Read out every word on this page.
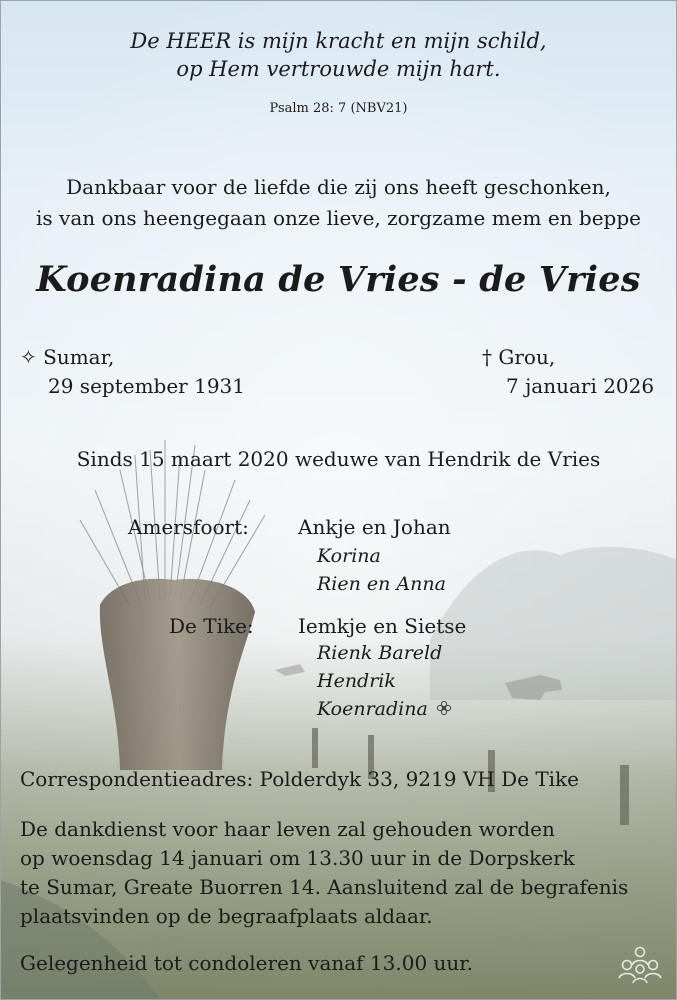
De HEER is mijn kracht en mijn schild,
op Hem vertrouwde mijn hart.
Psalm 28: 7 (NBV21)
Dankbaar voor de liefde die zij ons heeft geschonken,
is van ons heengegaan onze lieve, zorgzame mem en beppe
Koenradina de Vries - de Vries
✧ Sumar,
29 september 1931
† Grou,
7 januari 2026
Sinds 15 maart 2020 weduwe van Hendrik de Vries
Amersfoort: Ankje en Johan
Korina
Rien en Anna
De Tike: Iemkje en Sietse
Rienk Bareld
Hendrik
Koenradina
Correspondentieadres: Polderdyk 33, 9219 VH De Tike
De dankdienst voor haar leven zal gehouden worden
op woensdag 14 januari om 13.30 uur in de Dorpskerk
te Sumar, Greate Buorren 14. Aansluitend zal de begrafenis
plaatsvinden op de begraafplaats aldaar.
Gelegenheid tot condoleren vanaf 13.00 uur.
